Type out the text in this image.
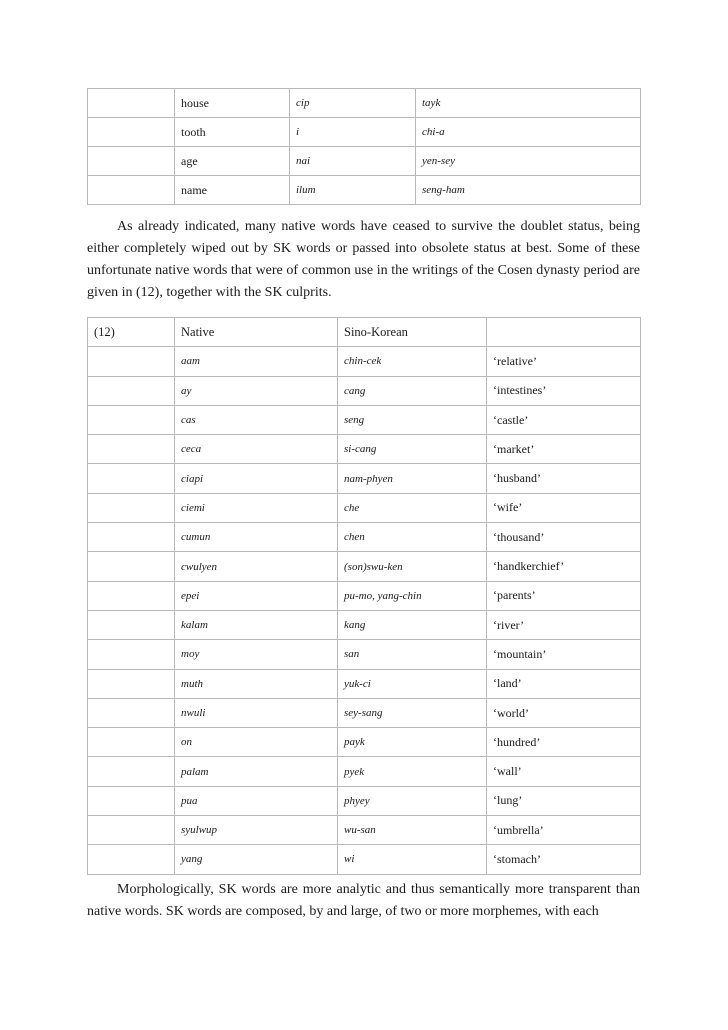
	house	cip	tayk
	tooth	i	chi-a
	age	nai	yen-sey
	name	ilum	seng-ham

As already indicated, many native words have ceased to survive the doublet status, being either completely wiped out by SK words or passed into obsolete status at best. Some of these unfortunate native words that were of common use in the writings of the Cosen dynasty period are given in (12), together with the SK culprits.

(12)	Native	Sino-Korean	
	aam	chin-cek	‘relative’
	ay	cang	‘intestines’
	cas	seng	‘castle’
	ceca	si-cang	‘market’
	ciapi	nam-phyen	‘husband’
	ciemi	che	‘wife’
	cumun	chen	‘thousand’
	cwulyen	(son)swu-ken	‘handkerchief’
	epei	pu-mo, yang-chin	‘parents’
	kalam	kang	‘river’
	moy	san	‘mountain’
	muth	yuk-ci	‘land’
	nwuli	sey-sang	‘world’
	on	payk	‘hundred’
	palam	pyek	‘wall’
	pua	phyey	‘lung’
	syulwup	wu-san	‘umbrella’
	yang	wi	‘stomach’

Morphologically, SK words are more analytic and thus semantically more transparent than native words. SK words are composed, by and large, of two or more morphemes, with each
